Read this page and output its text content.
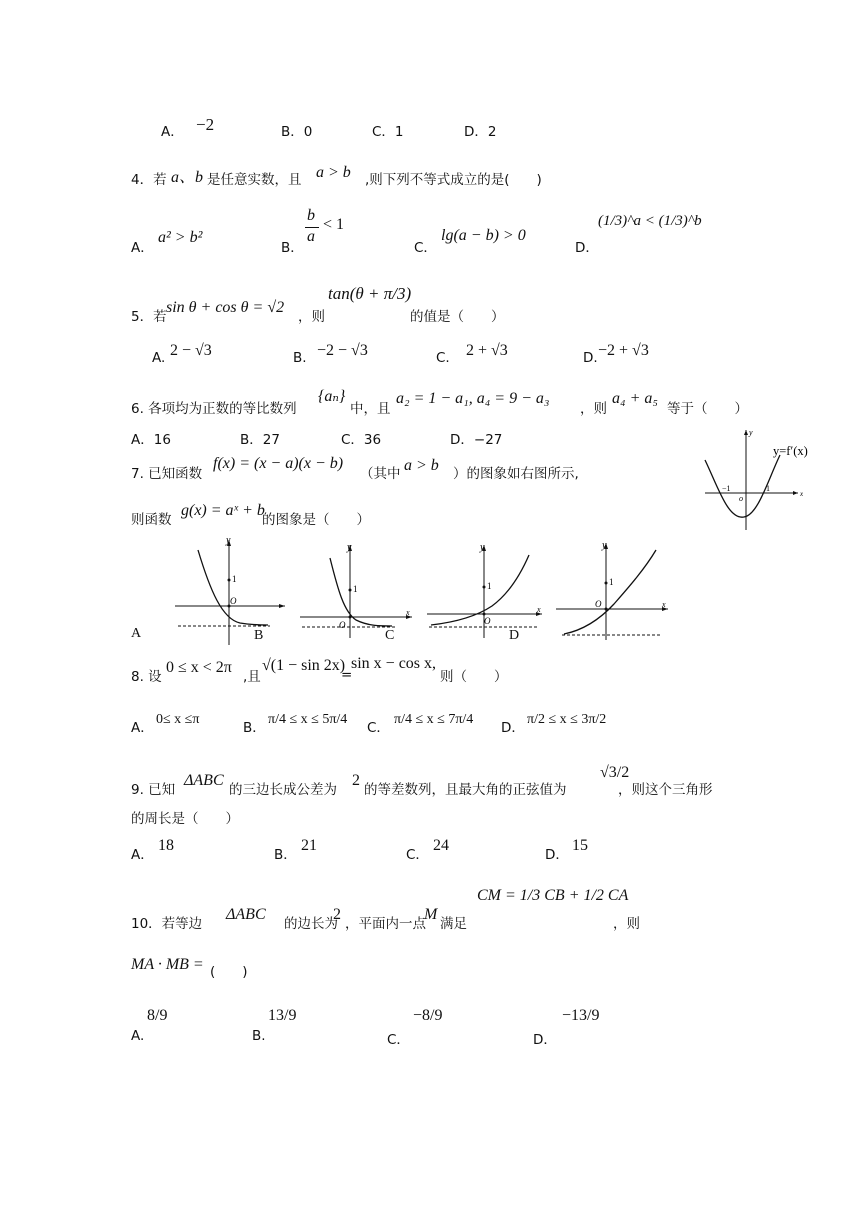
A． −2	B．0	C．1	D．2
4．若 a、b 是任意实数，且 a > b ,则下列不等式成立的是(　　)
A．
a² > b²
B．
b
a
< 1
C．
lg(a − b) > 0
D．
(1/3)^a < (1/3)^b
5．若
sin θ + cos θ = √2
，则
tan(θ + π/3)
的值是（　　）
A. 2 − √3	B. −2 − √3	C. 2 + √3	D. −2 + √3
6. 各项均为正数的等比数列
{aₙ}
中，且
a₂ = 1 − a₁, a₄ = 9 − a₃
，则
a₄ + a₅
等于（　　）
A．16	B．27	C．36	D．−27
7. 已知函数
f(x) = (x − a)(x − b)
（其中 a > b ）的图象如右图所示,
则函数
g(x) = aˣ + b
的图象是（　　）
y
x
−1	1
o
y=f′(x)
y
1
O
A	B
y
1
O
x
C
y
1
O
x
D
y
1
O	x
8. 设
0 ≤ x < 2π
,且
√(1 − sin 2x)
=
sin x − cos x,
则（　　）
A．
0≤ x ≤π
B．
π/4 ≤ x ≤ 5π/4
C．
π/4 ≤ x ≤ 7π/4
D．
π/2 ≤ x ≤ 3π/2
9. 已知
ΔABC
的三边长成公差为
2
的等差数列，且最大角的正弦值为
√3/2
，则这个三角形
的周长是（　　）
A．
18
B．
21
C．
24
D．
15
10．若等边
ΔABC
的边长为
2
，平面内一点
M
满足
CM = 1/3 CB + 1/2 CA
，则
MA · MB = (　　)
A.
8/9
B.
13/9
C．
−8/9
D．
−13/9
